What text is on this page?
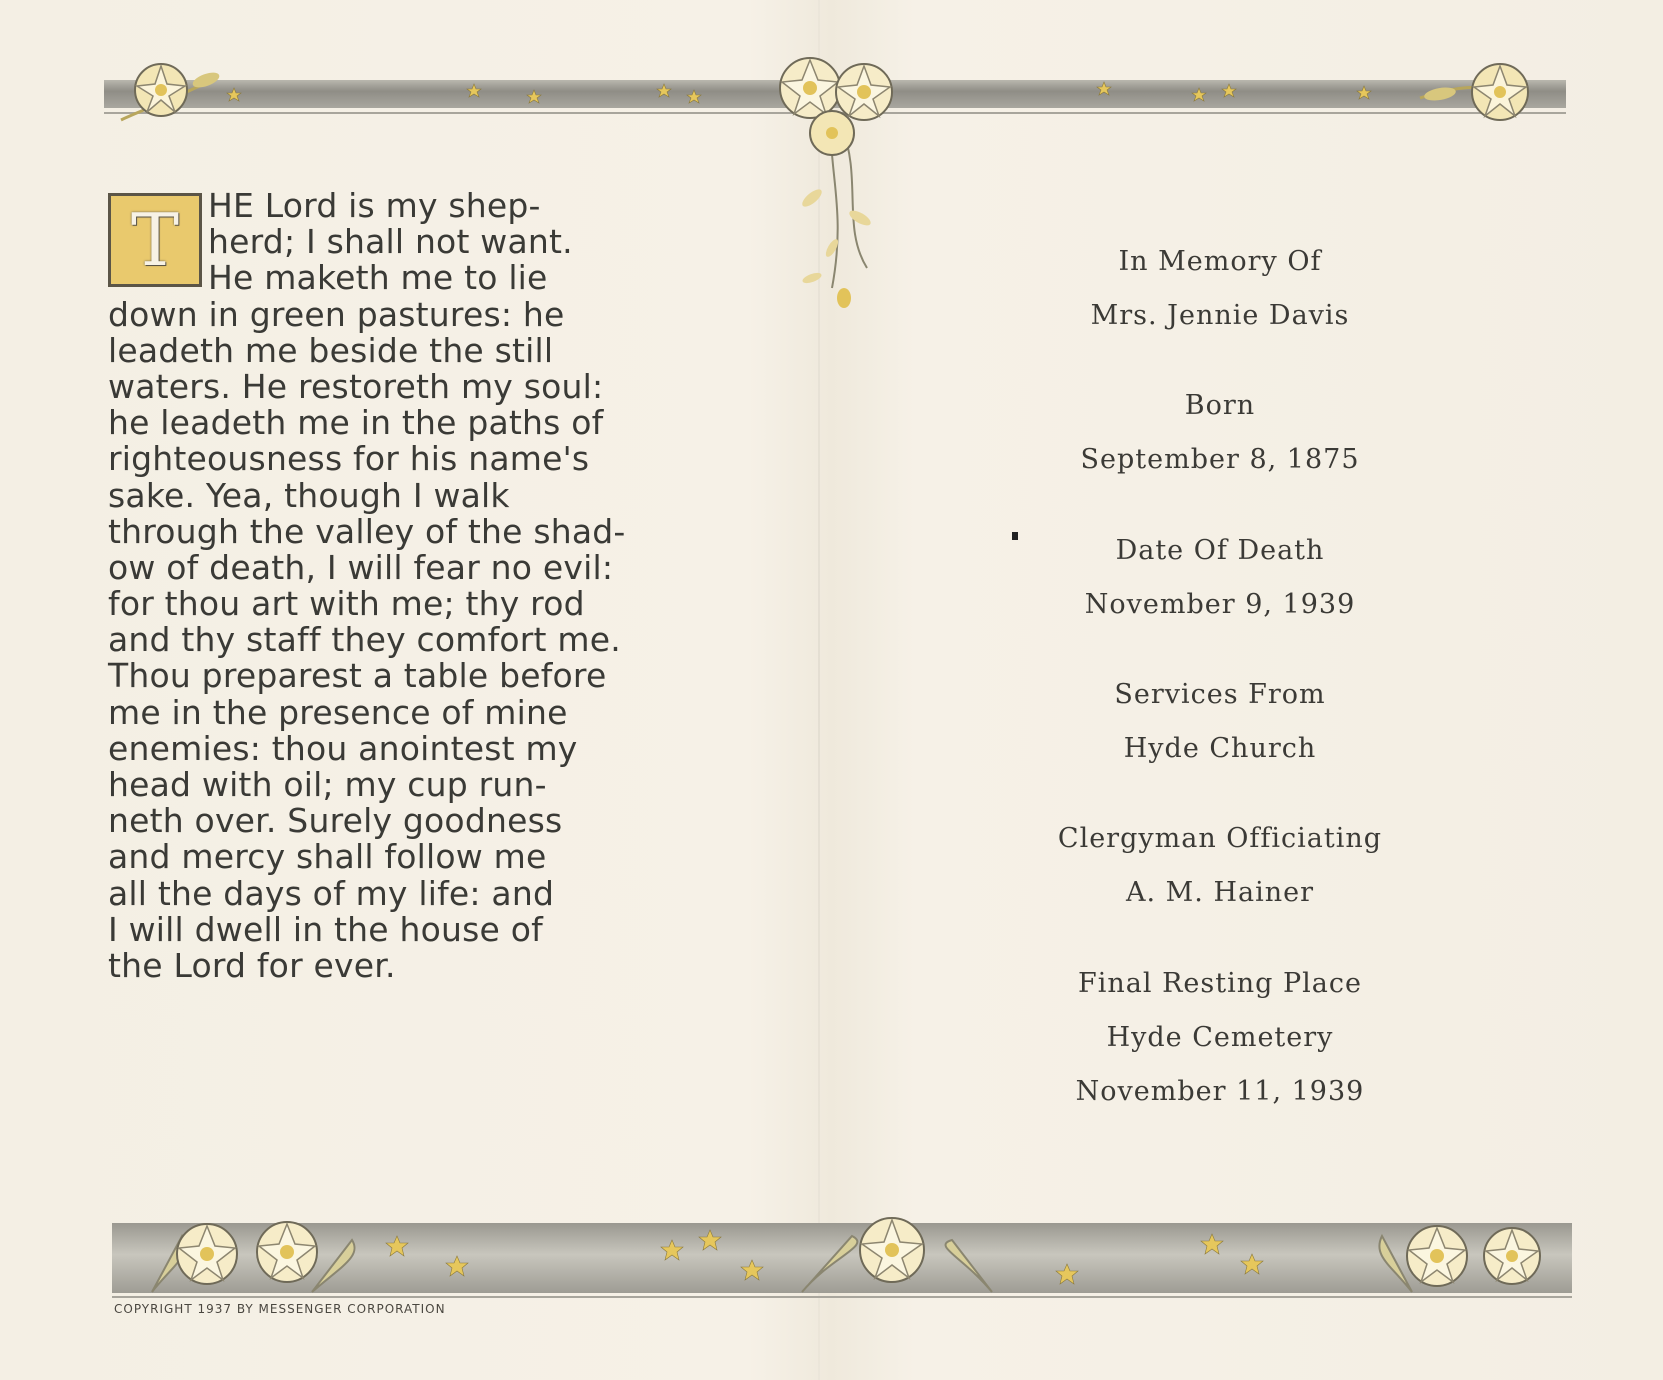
T HE Lord is my shep-
herd; I shall not want.
He maketh me to lie
down in green pastures: he
leadeth me beside the still
waters. He restoreth my soul:
he leadeth me in the paths of
righteousness for his name's
sake. Yea, though I walk
through the valley of the shad-
ow of death, I will fear no evil:
for thou art with me; thy rod
and thy staff they comfort me.
Thou preparest a table before
me in the presence of mine
enemies: thou anointest my
head with oil; my cup run-
neth over. Surely goodness
and mercy shall follow me
all the days of my life: and
I will dwell in the house of
the Lord for ever.
In Memory Of
Mrs. Jennie Davis
Born
September 8, 1875
Date Of Death
November 9, 1939
Services From
Hyde Church
Clergyman Officiating
A. M. Hainer
Final Resting Place
Hyde Cemetery
November 11, 1939
COPYRIGHT 1937 BY MESSENGER CORPORATION
